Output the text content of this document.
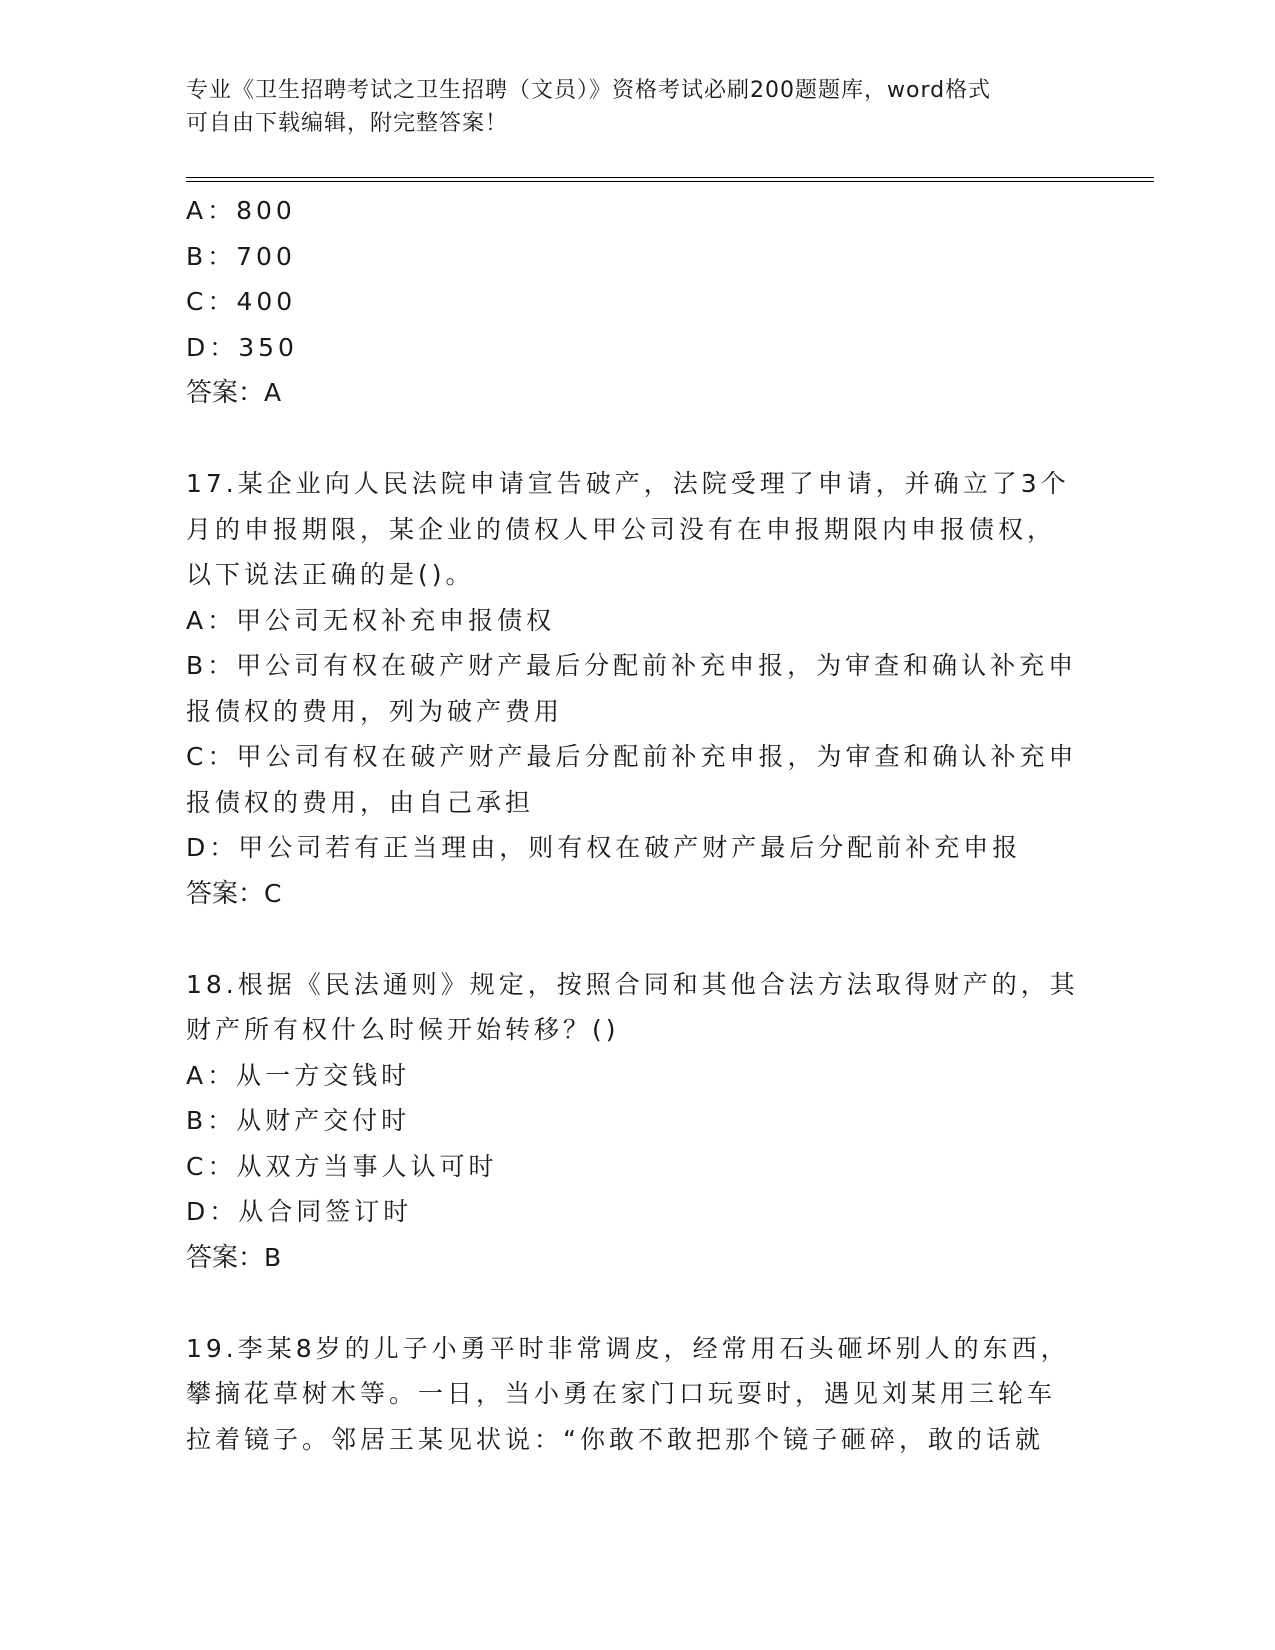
专业《卫生招聘考试之卫生招聘（文员）》资格考试必刷200题题库，word格式
可自由下载编辑，附完整答案！
A：800
B：700
C：400
D：350
答案：A
17.某企业向人民法院申请宣告破产，法院受理了申请，并确立了3个
月的申报期限，某企业的债权人甲公司没有在申报期限内申报债权，
以下说法正确的是()。
A：甲公司无权补充申报债权
B：甲公司有权在破产财产最后分配前补充申报，为审查和确认补充申
报债权的费用，列为破产费用
C：甲公司有权在破产财产最后分配前补充申报，为审查和确认补充申
报债权的费用，由自己承担
D：甲公司若有正当理由，则有权在破产财产最后分配前补充申报
答案：C
18.根据《民法通则》规定，按照合同和其他合法方法取得财产的，其
财产所有权什么时候开始转移？()
A：从一方交钱时
B：从财产交付时
C：从双方当事人认可时
D：从合同签订时
答案：B
19.李某8岁的儿子小勇平时非常调皮，经常用石头砸坏别人的东西，
攀摘花草树木等。一日，当小勇在家门口玩耍时，遇见刘某用三轮车
拉着镜子。邻居王某见状说：“你敢不敢把那个镜子砸碎，敢的话就
